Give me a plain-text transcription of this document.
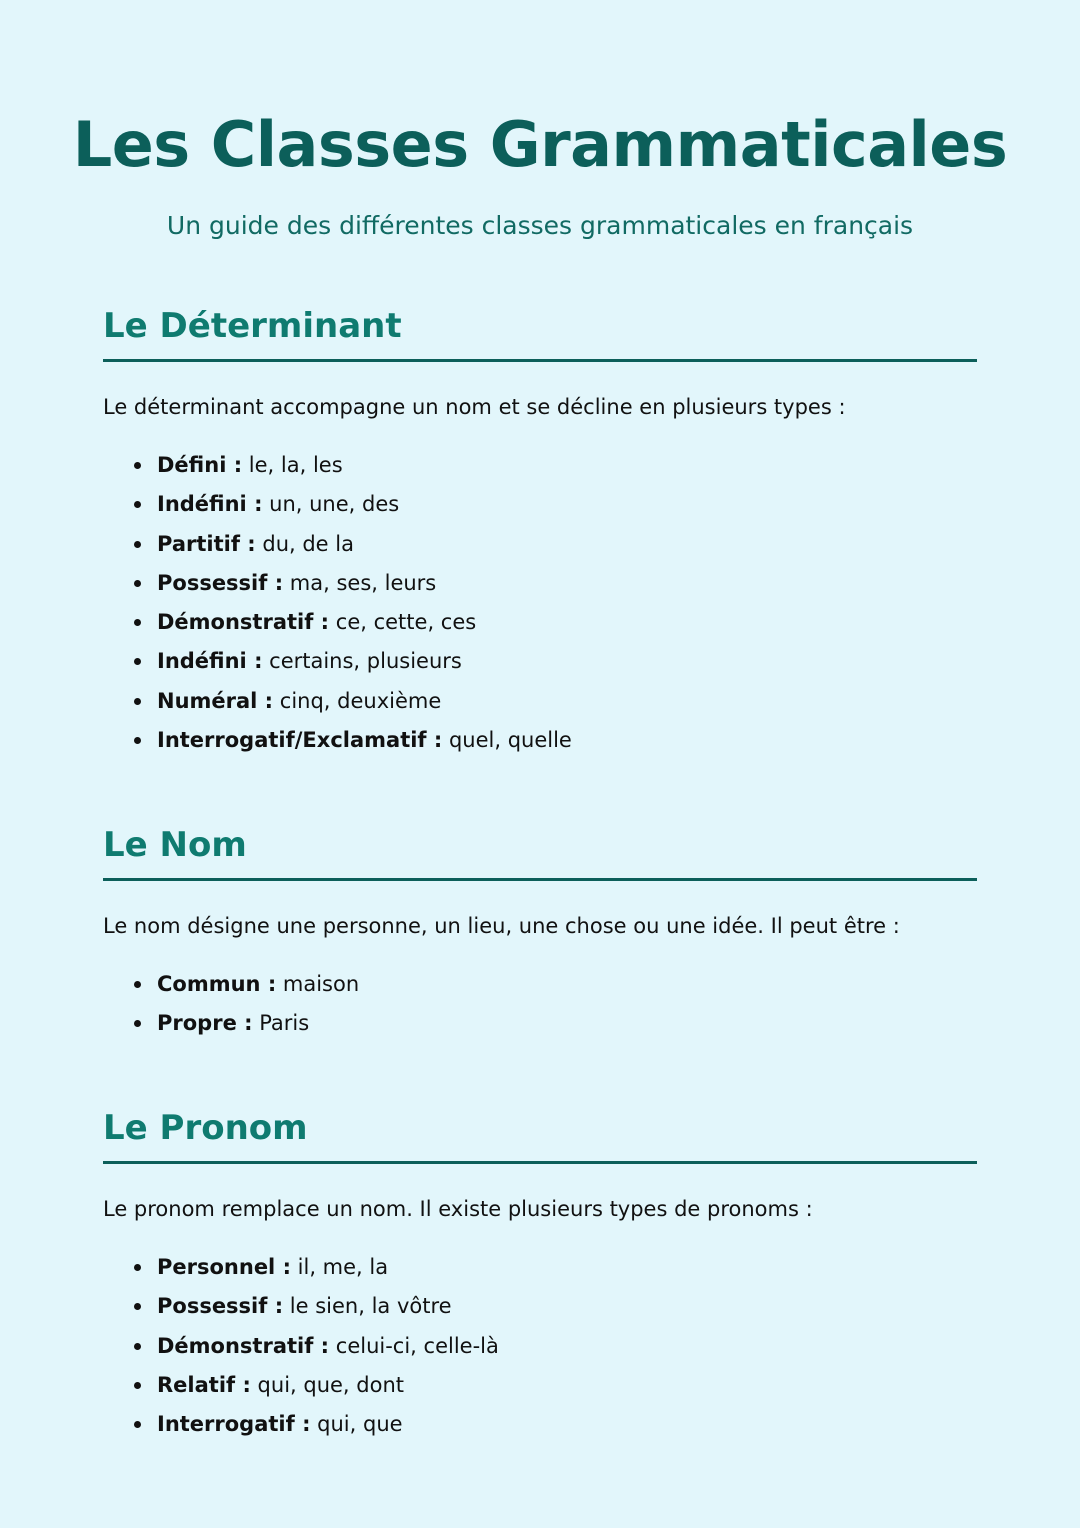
Les Classes Grammaticales

Un guide des différentes classes grammaticales en français

Le Déterminant

Le déterminant accompagne un nom et se décline en plusieurs types :

Défini : le, la, les
Indéfini : un, une, des
Partitif : du, de la
Possessif : ma, ses, leurs
Démonstratif : ce, cette, ces
Indéfini : certains, plusieurs
Numéral : cinq, deuxième
Interrogatif/Exclamatif : quel, quelle
Le Nom

Le nom désigne une personne, un lieu, une chose ou une idée. Il peut être :

Commun : maison
Propre : Paris
Le Pronom

Le pronom remplace un nom. Il existe plusieurs types de pronoms :

Personnel : il, me, la
Possessif : le sien, la vôtre
Démonstratif : celui-ci, celle-là
Relatif : qui, que, dont
Interrogatif : qui, que
